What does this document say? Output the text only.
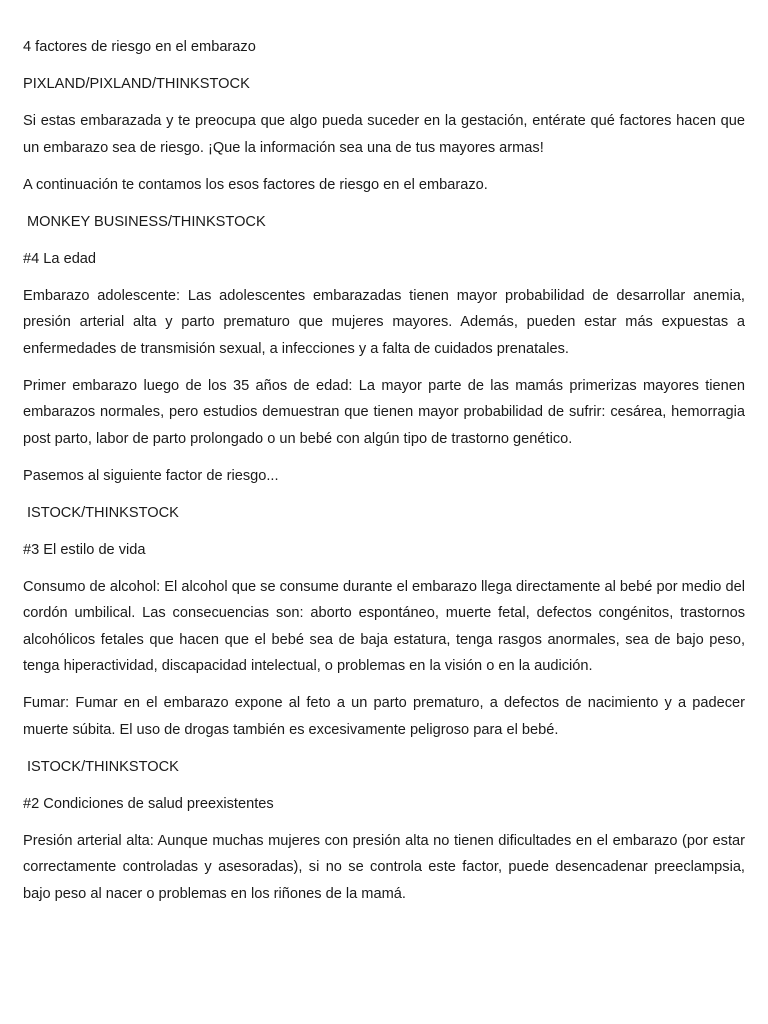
4 factores de riesgo en el embarazo

PIXLAND/PIXLAND/THINKSTOCK

Si estas embarazada y te preocupa que algo pueda suceder en la gestación, entérate qué factores hacen que un embarazo sea de riesgo. ¡Que la información sea una de tus mayores armas!

A continuación te contamos los esos factores de riesgo en el embarazo.

MONKEY BUSINESS/THINKSTOCK

#4 La edad

Embarazo adolescente: Las adolescentes embarazadas tienen mayor probabilidad de desarrollar anemia, presión arterial alta y parto prematuro que mujeres mayores. Además, pueden estar más expuestas a enfermedades de transmisión sexual, a infecciones y a falta de cuidados prenatales.

Primer embarazo luego de los 35 años de edad: La mayor parte de las mamás primerizas mayores tienen embarazos normales, pero estudios demuestran que tienen mayor probabilidad de sufrir: cesárea, hemorragia post parto, labor de parto prolongado o un bebé con algún tipo de trastorno genético.

Pasemos al siguiente factor de riesgo...

ISTOCK/THINKSTOCK

#3 El estilo de vida

Consumo de alcohol: El alcohol que se consume durante el embarazo llega directamente al bebé por medio del cordón umbilical. Las consecuencias son: aborto espontáneo, muerte fetal, defectos congénitos, trastornos alcohólicos fetales que hacen que el bebé sea de baja estatura, tenga rasgos anormales, sea de bajo peso, tenga hiperactividad, discapacidad intelectual, o problemas en la visión o en la audición.

Fumar: Fumar en el embarazo expone al feto a un parto prematuro, a defectos de nacimiento y a padecer muerte súbita. El uso de drogas también es excesivamente peligroso para el bebé.

ISTOCK/THINKSTOCK

#2 Condiciones de salud preexistentes

Presión arterial alta: Aunque muchas mujeres con presión alta no tienen dificultades en el embarazo (por estar correctamente controladas y asesoradas), si no se controla este factor, puede desencadenar preeclampsia, bajo peso al nacer o problemas en los riñones de la mamá.
